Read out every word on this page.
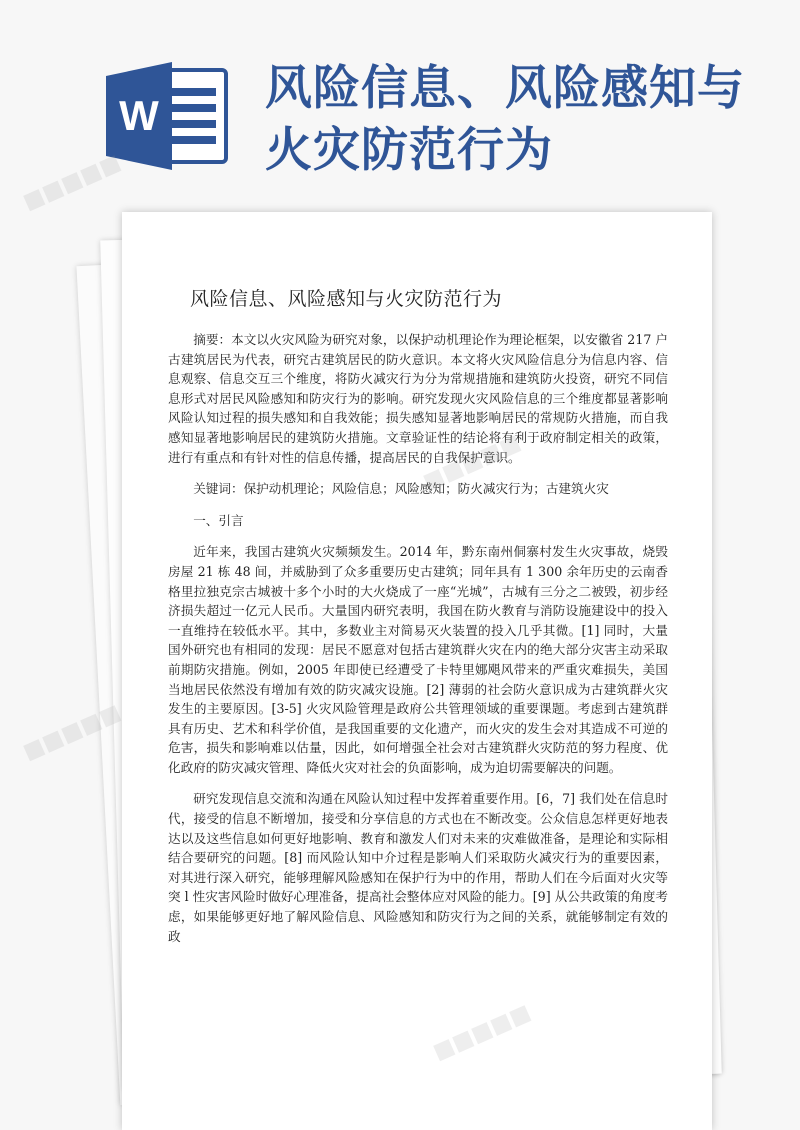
W 风险信息、风险感知与火灾防范行为
风险信息、风险感知与火灾防范行为

摘要：本文以火灾风险为研究对象，以保护动机理论作为理论框架，以安徽省 217 户古建筑居民为代表，研究古建筑居民的防火意识。本文将火灾风险信息分为信息内容、信息观察、信息交互三个维度，将防火减灾行为分为常规措施和建筑防火投资，研究不同信息形式对居民风险感知和防灾行为的影响。研究发现火灾风险信息的三个维度都显著影响风险认知过程的损失感知和自我效能；损失感知显著地影响居民的常规防火措施，而自我感知显著地影响居民的建筑防火措施。文章验证性的结论将有利于政府制定相关的政策，进行有重点和有针对性的信息传播，提高居民的自我保护意识。

关键词：保护动机理论；风险信息；风险感知；防火减灾行为；古建筑火灾

一、引言

近年来，我国古建筑火灾频频发生。2014 年，黔东南州侗寨村发生火灾事故，烧毁房屋 21 栋 48 间，并威胁到了众多重要历史古建筑；同年具有 1 300 余年历史的云南香格里拉独克宗古城被十多个小时的大火烧成了一座“光城”，古城有三分之二被毁，初步经济损失超过一亿元人民币。大量国内研究表明，我国在防火教育与消防设施建设中的投入一直维持在较低水平。其中，多数业主对简易灭火装置的投入几乎其微。[1] 同时，大量国外研究也有相同的发现：居民不愿意对包括古建筑群火灾在内的绝大部分灾害主动采取前期防灾措施。例如，2005 年即使已经遭受了卡特里娜飓风带来的严重灾难损失，美国当地居民依然没有增加有效的防灾减灾设施。[2] 薄弱的社会防火意识成为古建筑群火灾发生的主要原因。[3-5] 火灾风险管理是政府公共管理领域的重要课题。考虑到古建筑群具有历史、艺术和科学价值，是我国重要的文化遗产，而火灾的发生会对其造成不可逆的危害，损失和影响难以估量，因此，如何增强全社会对古建筑群火灾防范的努力程度、优化政府的防灾减灾管理、降低火灾对社会的负面影响，成为迫切需要解决的问题。

研究发现信息交流和沟通在风险认知过程中发挥着重要作用。[6，7] 我们处在信息时代，接受的信息不断增加，接受和分享信息的方式也在不断改变。公众信息怎样更好地表达以及这些信息如何更好地影响、教育和激发人们对未来的灾难做准备，是理论和实际相结合要研究的问题。[8] 而风险认知中介过程是影响人们采取防火减灾行为的重要因素，对其进行深入研究，能够理解风险感知在保护行为中的作用，帮助人们在今后面对火灾等突 l 性灾害风险时做好心理准备，提高社会整体应对风险的能力。[9] 从公共政策的角度考虑，如果能够更好地了解风险信息、风险感知和防灾行为之间的关系，就能够制定有效的政

■■■■■
■■■■■
